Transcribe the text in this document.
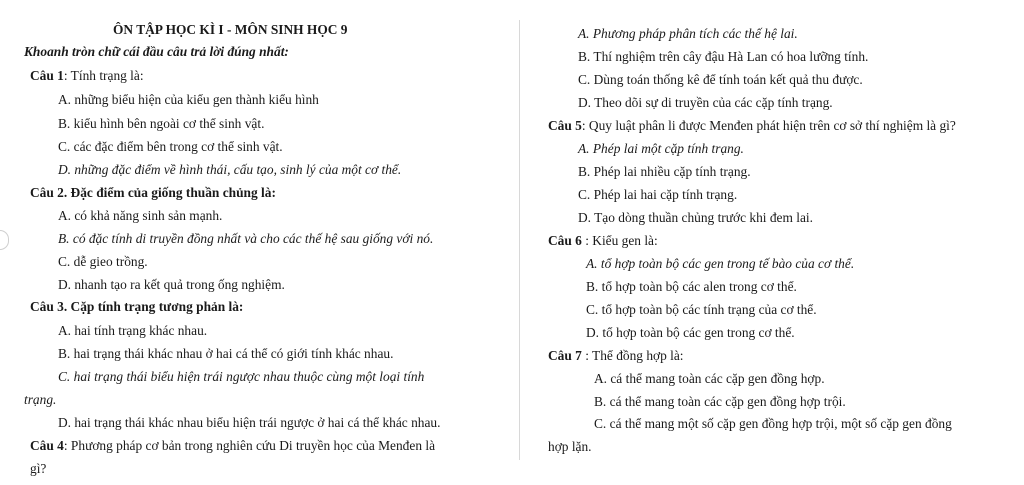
ÔN TẬP HỌC KÌ I - MÔN SINH HỌC 9
Khoanh tròn chữ cái đầu câu trả lời đúng nhất:
Câu 1: Tính trạng là:
A. những biểu hiện của kiểu gen thành kiểu hình
B. kiểu hình bên ngoài cơ thể sinh vật.
C. các đặc điểm bên trong cơ thể sinh vật.
D. những đặc điểm về hình thái, cấu tạo, sinh lý của một cơ thể.
Câu 2. Đặc điểm của giống thuần chủng là:
A. có khả năng sinh sản mạnh.
B. có đặc tính di truyền đồng nhất và cho các thế hệ sau giống với nó.
C. dễ gieo trồng.
D. nhanh tạo ra kết quả trong ống nghiệm.
Câu 3. Cặp tính trạng tương phản là:
A. hai tính trạng khác nhau.
B. hai trạng thái khác nhau ở hai cá thể có giới tính khác nhau.
C. hai trạng thái biểu hiện trái ngược nhau thuộc cùng một loại tính
trạng.
D. hai trạng thái khác nhau biểu hiện trái ngược ở hai cá thể khác nhau.
Câu 4: Phương pháp cơ bản trong nghiên cứu Di truyền học của Menđen là
gì?
A. Phương pháp phân tích các thế hệ lai.
B. Thí nghiệm trên cây đậu Hà Lan có hoa lưỡng tính.
C. Dùng toán thống kê để tính toán kết quả thu được.
D. Theo dõi sự di truyền của các cặp tính trạng.
Câu 5: Quy luật phân li được Menđen phát hiện trên cơ sở thí nghiệm là gì?
A. Phép lai một cặp tính trạng.
B. Phép lai nhiều cặp tính trạng.
C. Phép lai hai cặp tính trạng.
D. Tạo dòng thuần chủng trước khi đem lai.
Câu 6 : Kiểu gen là:
A. tổ hợp toàn bộ các gen trong tế bào của cơ thể.
B. tổ hợp toàn bộ các alen trong cơ thể.
C. tổ hợp toàn bộ các tính trạng của cơ thể.
D. tổ hợp toàn bộ các gen trong cơ thể.
Câu 7 : Thể đồng hợp là:
A. cá thể mang toàn các cặp gen đồng hợp.
B. cá thể mang toàn các cặp gen đồng hợp trội.
C. cá thể mang một số cặp gen đồng hợp trội, một số cặp gen đồng
hợp lặn.
